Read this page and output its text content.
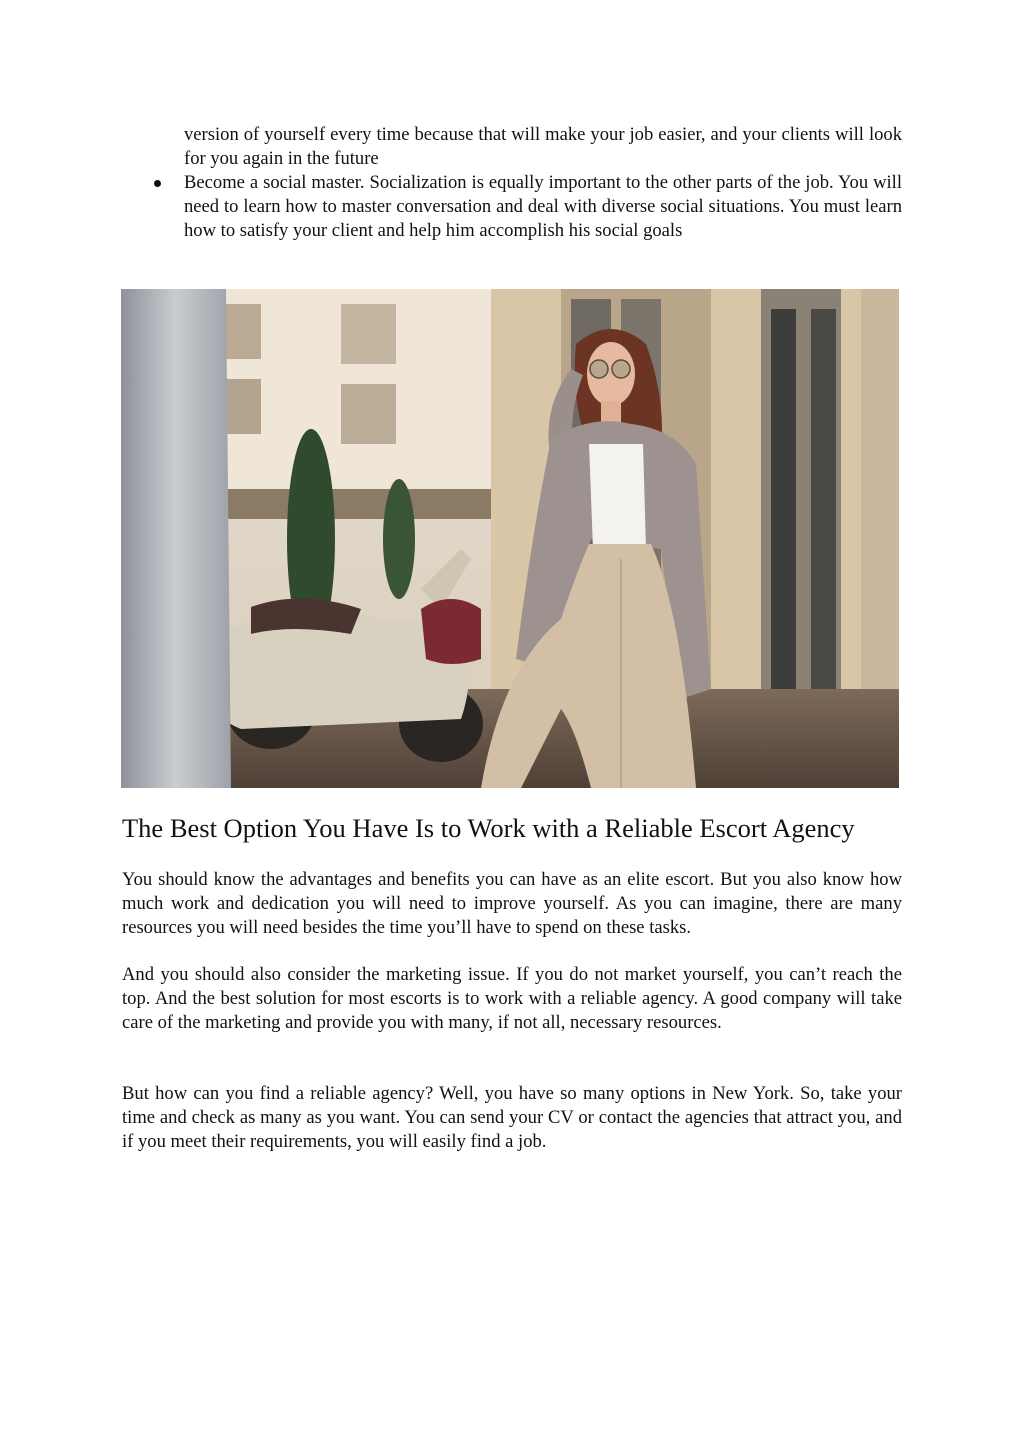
version of yourself every time because that will make your job easier, and your clients will look for you again in the future

Become a social master. Socialization is equally important to the other parts of the job. You will need to learn how to master conversation and deal with diverse social situations. You must learn how to satisfy your client and help him accomplish his social goals
The Best Option You Have Is to Work with a Reliable Escort Agency

You should know the advantages and benefits you can have as an elite escort. But you also know how much work and dedication you will need to improve yourself. As you can imagine, there are many resources you will need besides the time you’ll have to spend on these tasks.

And you should also consider the marketing issue. If you do not market yourself, you can’t reach the top. And the best solution for most escorts is to work with a reliable agency. A good company will take care of the marketing and provide you with many, if not all, necessary resources.

But how can you find a reliable agency? Well, you have so many options in New York. So, take your time and check as many as you want. You can send your CV or contact the agencies that attract you, and if you meet their requirements, you will easily find a job.
